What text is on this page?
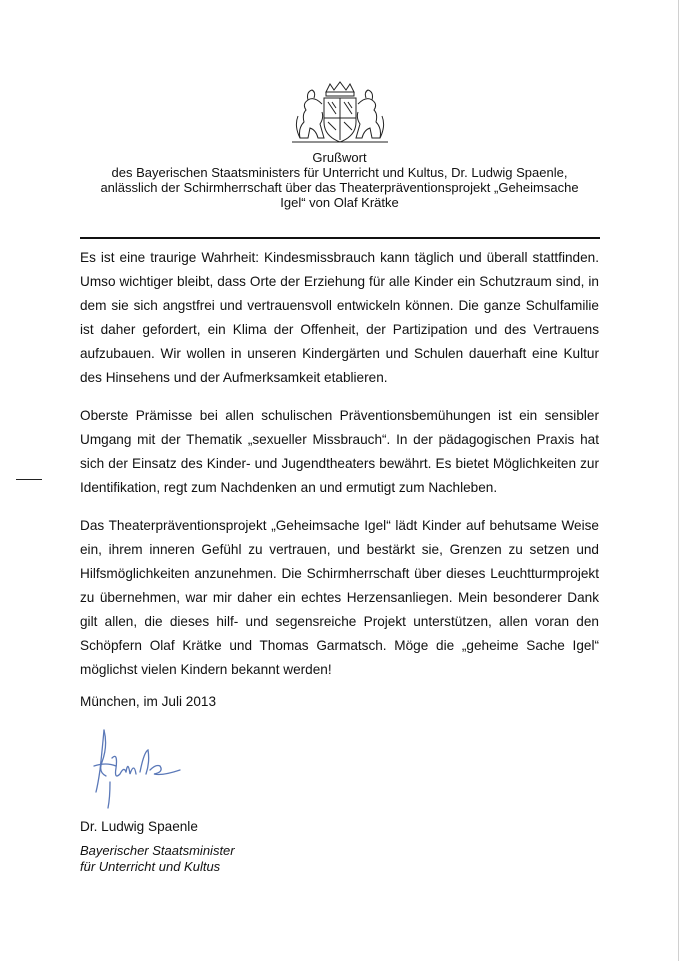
Grußwort
des Bayerischen Staatsministers für Unterricht und Kultus, Dr. Ludwig Spaenle,
anlässlich der Schirmherrschaft über das Theaterpräventionsprojekt „Geheimsache
Igel“ von Olaf Krätke

Es ist eine traurige Wahrheit: Kindesmissbrauch kann täglich und überall stattfinden. Umso wichtiger bleibt, dass Orte der Erziehung für alle Kinder ein Schutzraum sind, in dem sie sich angstfrei und vertrauensvoll entwickeln können. Die ganze Schulfamilie ist daher gefordert, ein Klima der Offenheit, der Partizipation und des Vertrauens aufzubauen. Wir wollen in unseren Kindergärten und Schulen dauerhaft eine Kultur des Hinsehens und der Aufmerksamkeit etablieren.

Oberste Prämisse bei allen schulischen Präventionsbemühungen ist ein sensibler Umgang mit der Thematik „sexueller Missbrauch“. In der pädagogischen Praxis hat sich der Einsatz des Kinder- und Jugendtheaters bewährt. Es bietet Möglichkeiten zur Identifikation, regt zum Nachdenken an und ermutigt zum Nachleben.

Das Theaterpräventionsprojekt „Geheimsache Igel“ lädt Kinder auf behutsame Weise ein, ihrem inneren Gefühl zu vertrauen, und bestärkt sie, Grenzen zu setzen und Hilfsmöglichkeiten anzunehmen. Die Schirmherrschaft über dieses Leuchtturmprojekt zu übernehmen, war mir daher ein echtes Herzensanliegen. Mein besonderer Dank gilt allen, die dieses hilf- und segensreiche Projekt unterstützen, allen voran den Schöpfern Olaf Krätke und Thomas Garmatsch. Möge die „geheime Sache Igel“ möglichst vielen Kindern bekannt werden!

München, im Juli 2013
Dr. Ludwig Spaenle
Bayerischer Staatsminister
für Unterricht und Kultus
